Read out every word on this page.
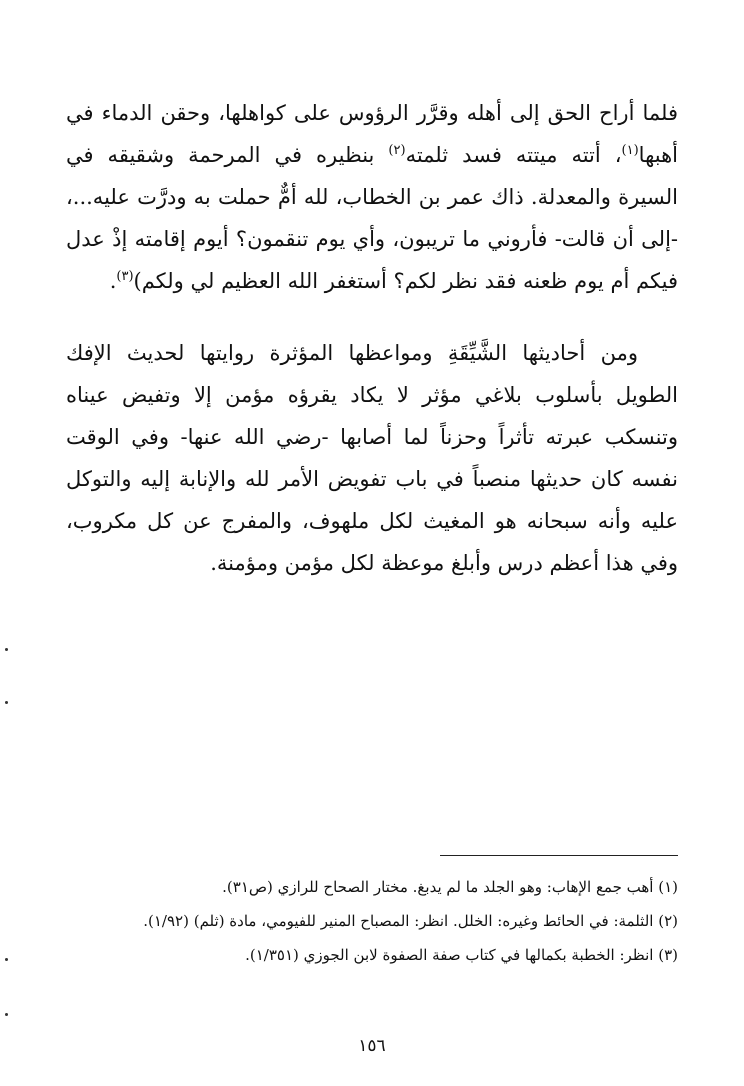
فلما أراح الحق إلى أهله وقرَّر الرؤوس على كواهلها، وحقن الدماء في أهبها$^{(١)}$، أتته ميتته فسد ثلمته$^{(٢)}$ بنظيره في المرحمة وشقيقه في السيرة والمعدلة. ذاك عمر بن الخطاب، لله أمٌّ حملت به ودرَّت عليه...، -إلى أن قالت- فأروني ما تريبون، وأي يوم تنقمون؟ أيوم إقامته إذْ عدل فيكم أم يوم ظعنه فقد نظر لكم؟ أستغفر الله العظيم لي ولكم)$^{(٣)}$.

ومن أحاديثها الشَّيِّقَةِ ومواعظها المؤثرة روايتها لحديث الإفك الطويل بأسلوب بلاغي مؤثر لا يكاد يقرؤه مؤمن إلا وتفيض عيناه وتنسكب عبرته تأثراً وحزناً لما أصابها -رضي الله عنها- وفي الوقت نفسه كان حديثها منصباً في باب تفويض الأمر لله والإنابة إليه والتوكل عليه وأنه سبحانه هو المغيث لكل ملهوف، والمفرج عن كل مكروب، وفي هذا أعظم درس وأبلغ موعظة لكل مؤمن ومؤمنة.

(١) أهب جمع الإهاب: وهو الجلد ما لم يدبغ. مختار الصحاح للرازي (ص٣١).

(٢) الثلمة: في الحائط وغيره: الخلل. انظر: المصباح المنير للفيومي، مادة (ثلم) (١/٩٢).

(٣) انظر: الخطبة بكمالها في كتاب صفة الصفوة لابن الجوزي (١/٣٥١).

١٥٦
